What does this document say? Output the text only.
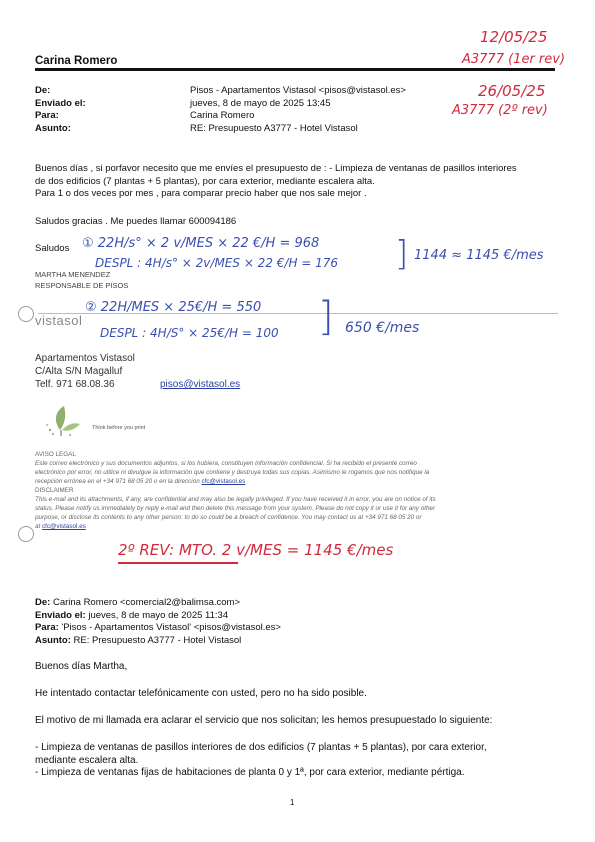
12/05/25
A3777 (1er rev)
26/05/25
A3777 (2º rev)
Carina Romero
De:	Pisos - Apartamentos Vistasol <pisos@vistasol.es>
Enviado el:	jueves, 8 de mayo de 2025 13:45
Para:	Carina Romero
Asunto:	RE: Presupuesto A3777 - Hotel Vistasol
Buenos días , si porfavor necesito que me envíes el presupuesto de : - Limpieza de ventanas de pasillos interiores
de dos edificios (7 plantas + 5 plantas), por cara exterior, mediante escalera alta.
Para 1 o dos veces por mes , para comparar precio haber que nos sale mejor .
Saludos gracias . Me puedes llamar 600094186
Saludos ① 22H/s° × 2 v/MES × 22 €/H = 968
DESPL : 4H/s° × 2v/MES × 22 €/H = 176 ] 1144 ≈ 1145 €/mes
MARTHA MENENDEZ
RESPONSABLE DE PISOS
② 22H/MES × 25€/H = 550
DESPL : 4H/S° × 25€/H = 100 ] 650 €/mes
vistasol
Apartamentos Vistasol
C/Alta S/N Magalluf
Telf. 971 68.08.36	pisos@vistasol.es
Think before you print
AVISO LEGAL
Este correo electrónico y sus documentos adjuntos, si los hubiera, constituyen información confidencial. Si ha recibido el presente correo
electrónico por error, no utilice ni divulgue la información que contiene y destruya todas sus copias. Asimismo le rogamos que nos notifique la
recepción errónea en el +34 971 68 05 20 o en la dirección cfc@vistasol.es
DISCLAIMER
This e-mail and its attachments, if any, are confidential and may also be legally privileged. If you have received it in error, you are on notice of its
status. Please notify us immediately by reply e-mail and then delete this message from your system. Please do not copy it or use it for any other
purpose, or disclose its contents to any other person: to do so could be a breach of confidence. You may contact us at +34 971 68 05 20 or
at cfc@vistasol.es
2º REV: MTO. 2 v/MES = 1145 €/mes
De: Carina Romero <comercial2@balimsa.com>
Enviado el: jueves, 8 de mayo de 2025 11:34
Para: 'Pisos - Apartamentos Vistasol' <pisos@vistasol.es>
Asunto: RE: Presupuesto A3777 - Hotel Vistasol
Buenos días Martha,
He intentado contactar telefónicamente con usted, pero no ha sido posible.
El motivo de mi llamada era aclarar el servicio que nos solicitan; les hemos presupuestado lo siguiente:
- Limpieza de ventanas de pasillos interiores de dos edificios (7 plantas + 5 plantas), por cara exterior,
mediante escalera alta.
- Limpieza de ventanas fijas de habitaciones de planta 0 y 1ª, por cara exterior, mediante pértiga.
1
